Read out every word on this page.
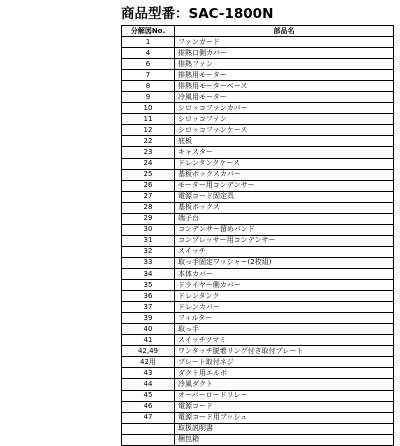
商品型番：SAC-1800N
分解図No.	部品名
1	ファンガード
4	排熱口側カバー
6	排熱ファン
7	排熱用モーター
8	排熱用モーターベース
9	冷風用モーター
10	シロッコファンカバー
11	シロッコファン
12	シロッコファンケース
22	底板
23	キャスター
24	ドレンタンクケース
25	基板ボックスカバー
26	モーター用コンデンサー
27	電源コード固定具
28	基板ボックス
29	端子台
30	コンデンサー留めバンド
31	コンプレッサー用コンデンサー
32	スイッチ
33	取っ手固定ワッシャー(2枚組)
34	本体カバー
35	ドライヤー側カバー
36	ドレンタンク
37	ドレンカバー
39	フィルター
40	取っ手
41	スイッチツマミ
42,49	ワンタッチ脱着リング付き取付プレート
42用	プレート取付ネジ
43	ダクト用エルボ
44	冷風ダクト
45	オーバーロードリレー
46	電源コード
47	電源コード用ブッシュ
	取扱説明書
	梱包箱
